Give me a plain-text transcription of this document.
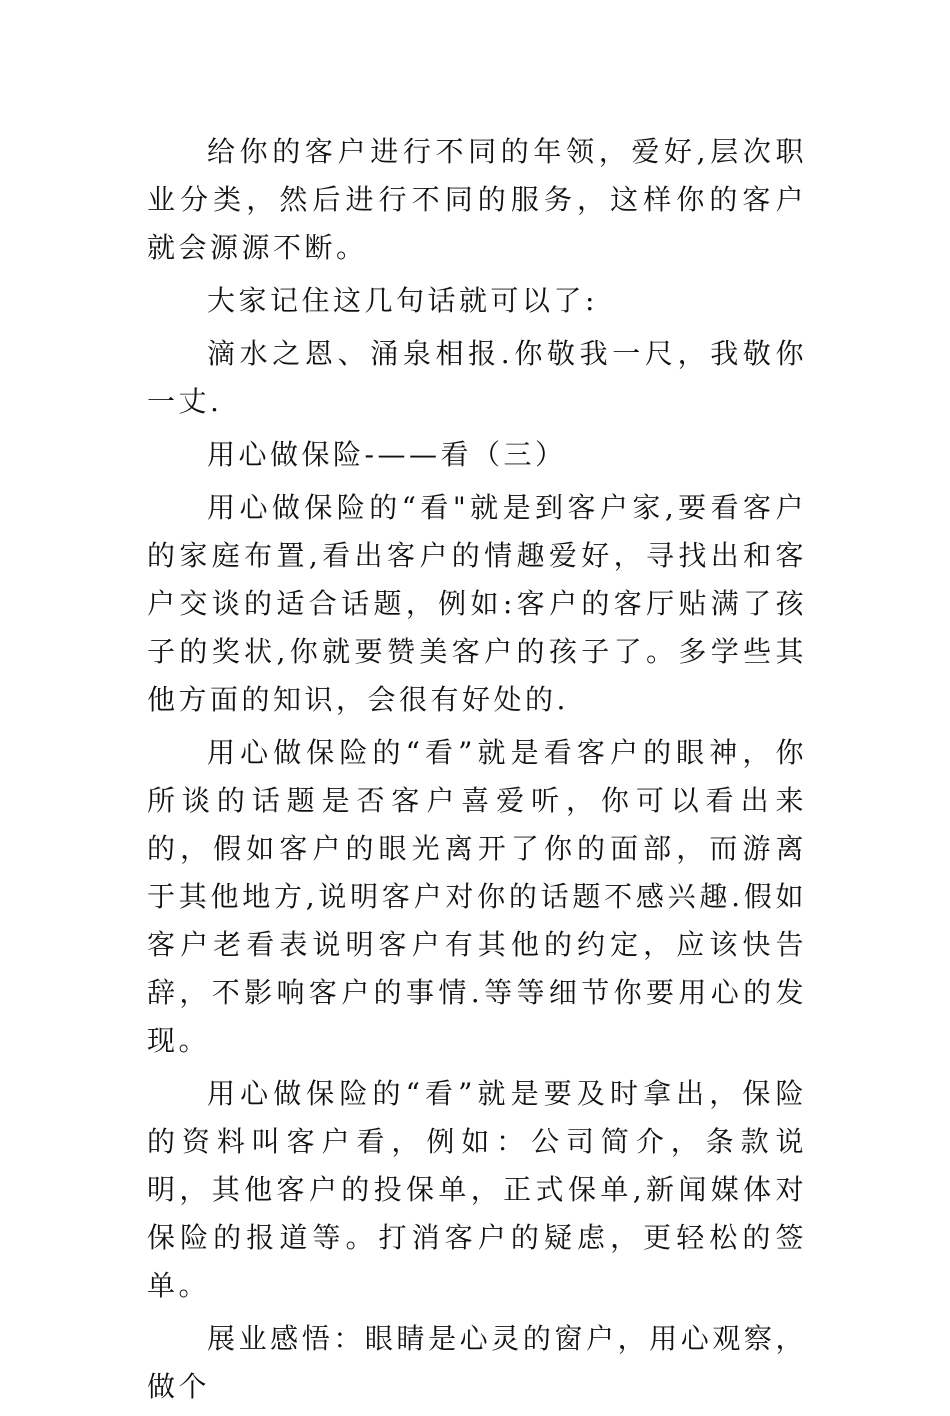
给你的客户进行不同的年领，爱好,层次职业分类，然后进行不同的服务，这样你的客户就会源源不断。

大家记住这几句话就可以了:

滴水之恩、涌泉相报.你敬我一尺，我敬你一丈.

用心做保险-——看（三）

用心做保险的“看"就是到客户家,要看客户的家庭布置,看出客户的情趣爱好，寻找出和客户交谈的适合话题，例如:客户的客厅贴满了孩子的奖状,你就要赞美客户的孩子了。多学些其他方面的知识，会很有好处的.

用心做保险的“看”就是看客户的眼神，你所谈的话题是否客户喜爱听，你可以看出来的，假如客户的眼光离开了你的面部，而游离于其他地方,说明客户对你的话题不感兴趣.假如客户老看表说明客户有其他的约定，应该快告辞，不影响客户的事情.等等细节你要用心的发现。

用心做保险的“看”就是要及时拿出，保险的资料叫客户看，例如：公司简介，条款说明，其他客户的投保单，正式保单,新闻媒体对保险的报道等。打消客户的疑虑，更轻松的签单。

展业感悟：眼睛是心灵的窗户，用心观察，做个
